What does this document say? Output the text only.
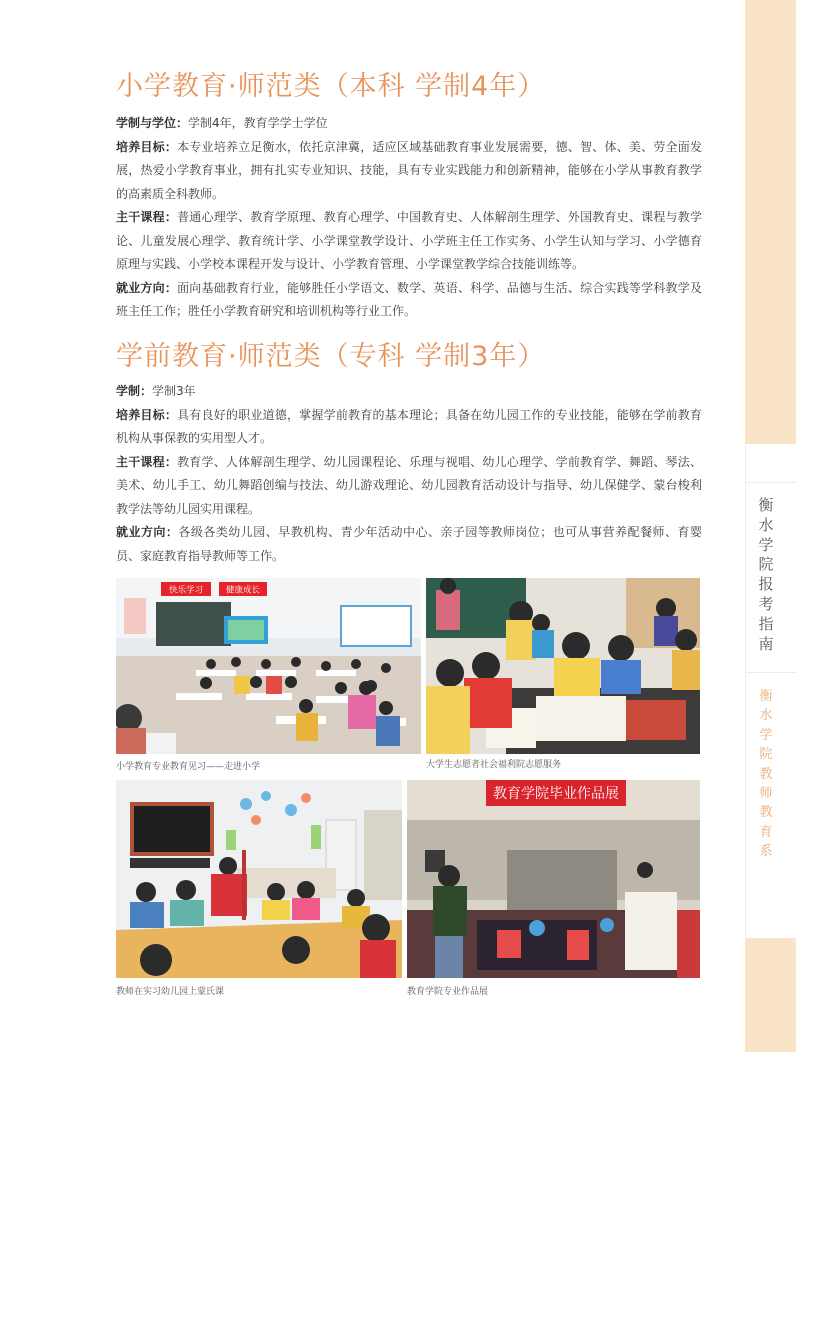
小学教育·师范类（本科 学制4年）

学制与学位：学制4年，教育学学士学位

培养目标：本专业培养立足衡水，依托京津冀，适应区域基础教育事业发展需要，德、智、体、美、劳全面发展，热爱小学教育事业，拥有扎实专业知识、技能，具有专业实践能力和创新精神，能够在小学从事教育教学的高素质全科教师。

主干课程：普通心理学、教育学原理、教育心理学、中国教育史、人体解剖生理学、外国教育史、课程与教学论、儿童发展心理学、教育统计学、小学课堂教学设计、小学班主任工作实务、小学生认知与学习、小学德育原理与实践、小学校本课程开发与设计、小学教育管理、小学课堂教学综合技能训练等。

就业方向：面向基础教育行业，能够胜任小学语文、数学、英语、科学、品德与生活、综合实践等学科教学及班主任工作；胜任小学教育研究和培训机构等行业工作。

学前教育·师范类（专科 学制3年）

学制：学制3年

培养目标：具有良好的职业道德，掌握学前教育的基本理论；具备在幼儿园工作的专业技能，能够在学前教育机构从事保教的实用型人才。

主干课程：教育学、人体解剖生理学、幼儿园课程论、乐理与视唱、幼儿心理学、学前教育学、舞蹈、琴法、美术、幼儿手工、幼儿舞蹈创编与技法、幼儿游戏理论、幼儿园教育活动设计与指导、幼儿保健学、蒙台梭利教学法等幼儿园实用课程。

就业方向：各级各类幼儿园、早教机构、青少年活动中心、亲子园等教师岗位；也可从事营养配餐师、育婴员、家庭教育指导教师等工作。

快乐学习	健康成长

小学教育专业教育见习——走进小学	大学生志愿者社会福利院志愿服务

教师在实习幼儿园上蒙氏课

教育学院毕业作品展

教育学院专业作品展

衡水学院报考指南

衡水学院教师教育系
